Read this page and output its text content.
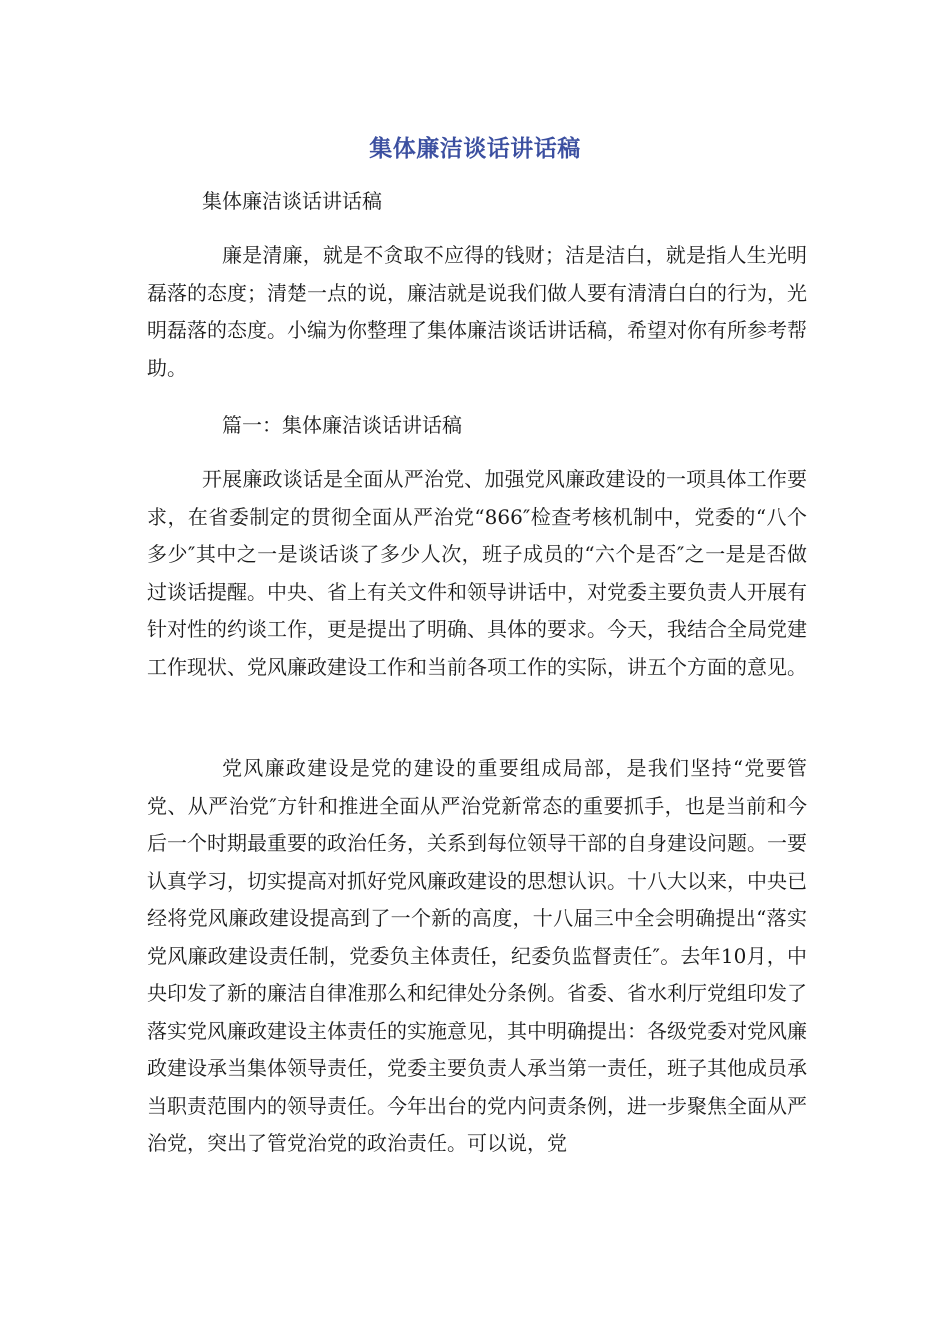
集体廉洁谈话讲话稿
集体廉洁谈话讲话稿
廉是清廉，就是不贪取不应得的钱财；洁是洁白，就是指人生光明磊落的态度；清楚一点的说，廉洁就是说我们做人要有清清白白的行为，光明磊落的态度。小编为你整理了集体廉洁谈话讲话稿，希望对你有所参考帮助。
篇一：集体廉洁谈话讲话稿
开展廉政谈话是全面从严治党、加强党风廉政建设的一项具体工作要求，在省委制定的贯彻全面从严治党“866″检查考核机制中，党委的“八个多少″其中之一是谈话谈了多少人次，班子成员的“六个是否″之一是是否做过谈话提醒。中央、省上有关文件和领导讲话中，对党委主要负责人开展有针对性的约谈工作，更是提出了明确、具体的要求。今天，我结合全局党建工作现状、党风廉政建设工作和当前各项工作的实际，讲五个方面的意见。
党风廉政建设是党的建设的重要组成局部，是我们坚持“党要管党、从严治党″方针和推进全面从严治党新常态的重要抓手，也是当前和今后一个时期最重要的政治任务，关系到每位领导干部的自身建设问题。一要认真学习，切实提高对抓好党风廉政建设的思想认识。十八大以来，中央已经将党风廉政建设提高到了一个新的高度，十八届三中全会明确提出“落实党风廉政建设责任制，党委负主体责任，纪委负监督责任″。去年10月，中央印发了新的廉洁自律准那么和纪律处分条例。省委、省水利厅党组印发了落实党风廉政建设主体责任的实施意见，其中明确提出：各级党委对党风廉政建设承当集体领导责任，党委主要负责人承当第一责任，班子其他成员承当职责范围内的领导责任。今年出台的党内问责条例，进一步聚焦全面从严治党，突出了管党治党的政治责任。可以说，党
